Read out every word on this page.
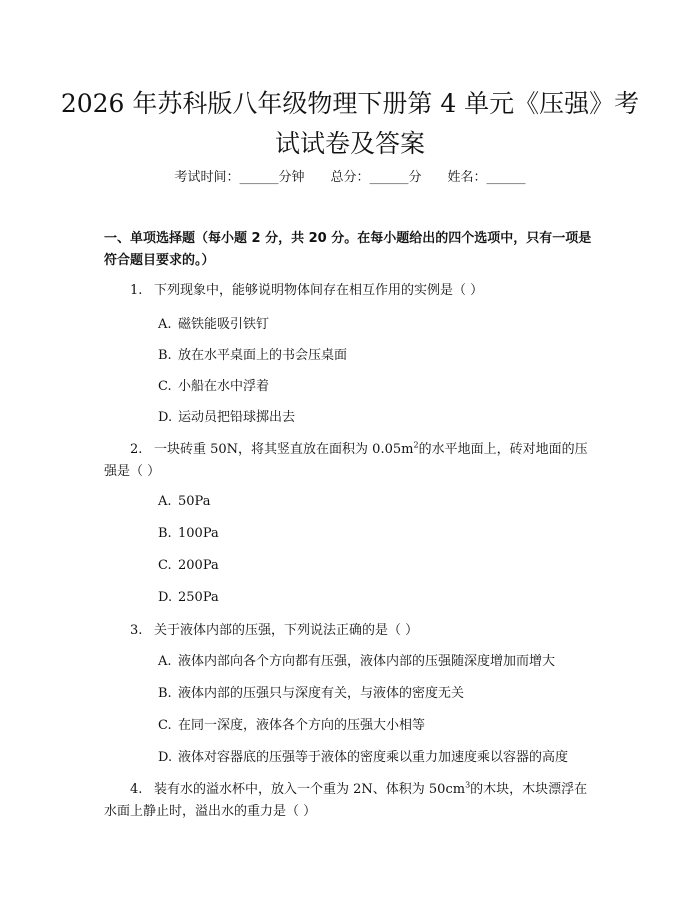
2026 年苏科版八年级物理下册第 4 单元《压强》考试试卷及答案
考试时间：______分钟 总分：______分 姓名：______
一、单项选择题（每小题 2 分，共 20 分。在每小题给出的四个选项中，只有一项是符合题目要求的。）
1. 下列现象中，能够说明物体间存在相互作用的实例是（ ）
A. 磁铁能吸引铁钉
B. 放在水平桌面上的书会压桌面
C. 小船在水中浮着
D. 运动员把铅球掷出去
2. 一块砖重 50N，将其竖直放在面积为 $0.05m^2$的水平地面上，砖对地面的压强是（ ）
A. 50Pa
B. 100Pa
C. 200Pa
D. 250Pa
3. 关于液体内部的压强，下列说法正确的是（ ）
A. 液体内部向各个方向都有压强，液体内部的压强随深度增加而增大
B. 液体内部的压强只与深度有关，与液体的密度无关
C. 在同一深度，液体各个方向的压强大小相等
D. 液体对容器底的压强等于液体的密度乘以重力加速度乘以容器的高度
4. 装有水的溢水杯中，放入一个重为 2N、体积为 $50cm^3$的木块，木块漂浮在水面上静止时，溢出水的重力是（ ）
